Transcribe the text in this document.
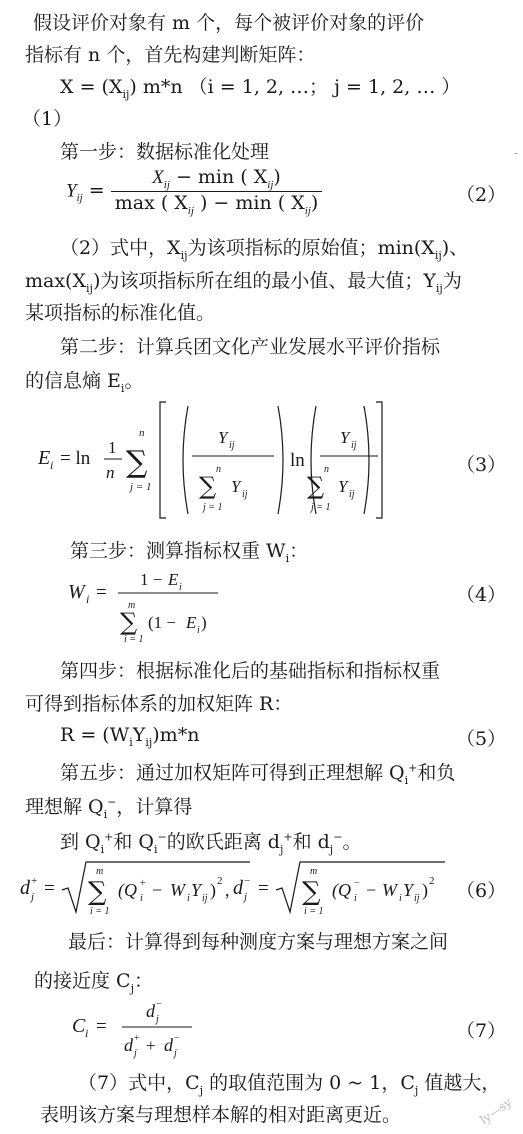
假设评价对象有 m 个，每个被评价对象的评价
指标有 n 个，首先构建判断矩阵：
$X = (X_{ij})$ m*n （i = 1, 2, …； j = 1, 2, … ）
（1）
第一步：数据标准化处理
$Y_{ij} = \frac{X_{ij} - \min ( X_{ij})}{\max ( X_{ij} ) - \min ( X_{ij})}$	（2）
（2）式中，$X_{ij}$为该项指标的原始值；$\min(X_{ij})$、
$\max(X_{ij})$为该项指标所在组的最小值、最大值；$Y_{ij}$为
某项指标的标准化值。
第二步：计算兵团文化产业发展水平评价指标
的信息熵 $E_i$。
E i = ln
1
n
n
∑
j = 1
Y ij
n
∑
j = 1
Y ij
ln
Y ij
n
∑
j = 1
Y ij
（3）
第三步：测算指标权重 $W_i$：
W i =
1 − E i
m
∑
i = 1
(1 − E i )
（4）
第四步：根据标准化后的基础指标和指标权重
可得到指标体系的加权矩阵 R：
$R = (W_iY_{ij})m*n$	（5）
第五步：通过加权矩阵可得到正理想解 $Q_i^+$和负
理想解 $Q_i^-$，计算得
到 $Q_i^+$和 $Q_i^-$的欧氏距离 $d_j^+$和 $d_j^-$。
d +
j =
m
∑
i = 1
(Q +
i − W i Y ij ) 2 , d −
j =
m
∑
i = 1
(Q −
i − W i Y ij ) 2 （6）
最后：计算得到每种测度方案与理想方案之间
的接近度 $C_j$：
C i =
d −
j
d +
j + d −
j
（7）
（7）式中，$C_j$ 的取值范围为 0 ~ 1，$C_j$ 值越大，
表明该方案与理想样本解的相对距离更近。	ly—sy
-
